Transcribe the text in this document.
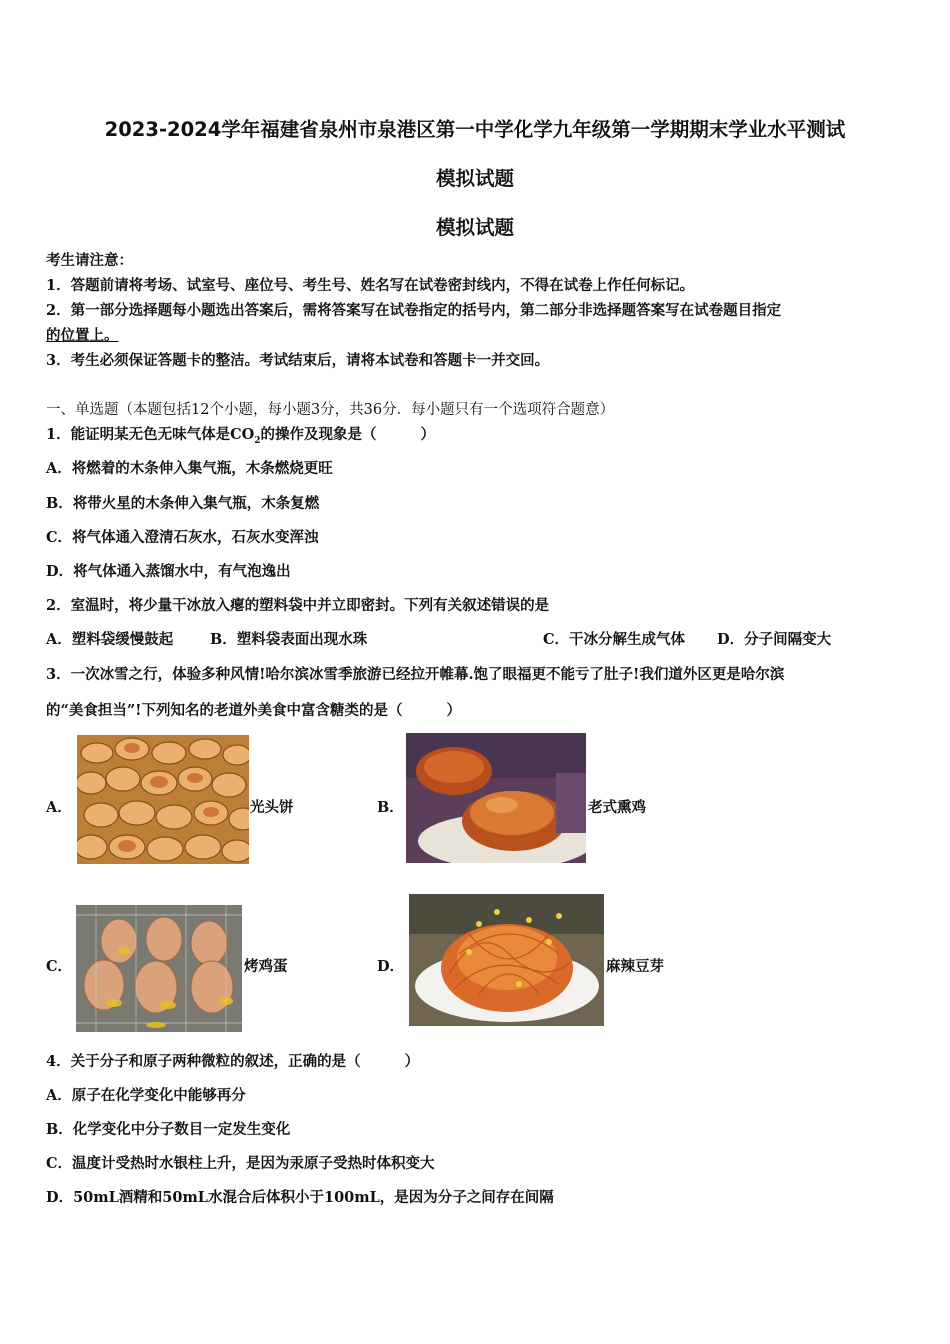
2023-2024学年福建省泉州市泉港区第一中学化学九年级第一学期期末学业水平测试
模拟试题
模拟试题
考生请注意：
1．答题前请将考场、试室号、座位号、考生号、姓名写在试卷密封线内，不得在试卷上作任何标记。
2．第一部分选择题每小题选出答案后，需将答案写在试卷指定的括号内，第二部分非选择题答案写在试卷题目指定
的位置上。
3．考生必须保证答题卡的整洁。考试结束后，请将本试卷和答题卡一并交回。
一、单选题（本题包括12个小题，每小题3分，共36分．每小题只有一个选项符合题意）
1．能证明某无色无味气体是$CO_2$的操作及现象是（	）
A．将燃着的木条伸入集气瓶，木条燃烧更旺
B．将带火星的木条伸入集气瓶，木条复燃
C．将气体通入澄清石灰水，石灰水变浑浊
D．将气体通入蒸馏水中，有气泡逸出
2．室温时，将少量干冰放入瘪的塑料袋中并立即密封。下列有关叙述错误的是
A．塑料袋缓慢鼓起	B．塑料袋表面出现水珠	C．干冰分解生成气体 D．分子间隔变大
3．一次冰雪之行，体验多种风情!哈尔滨冰雪季旅游已经拉开帷幕.饱了眼福更不能亏了肚子!我们道外区更是哈尔滨
的“美食担当”!下列知名的老道外美食中富含糖类的是（	）
A．	光头饼	B．	老式熏鸡
C．	烤鸡蛋	D．	麻辣豆芽
4．关于分子和原子两种微粒的叙述，正确的是（	）
A．原子在化学变化中能够再分
B．化学变化中分子数目一定发生变化
C．温度计受热时水银柱上升，是因为汞原子受热时体积变大
D．50mL酒精和50mL水混合后体积小于100mL，是因为分子之间存在间隔
